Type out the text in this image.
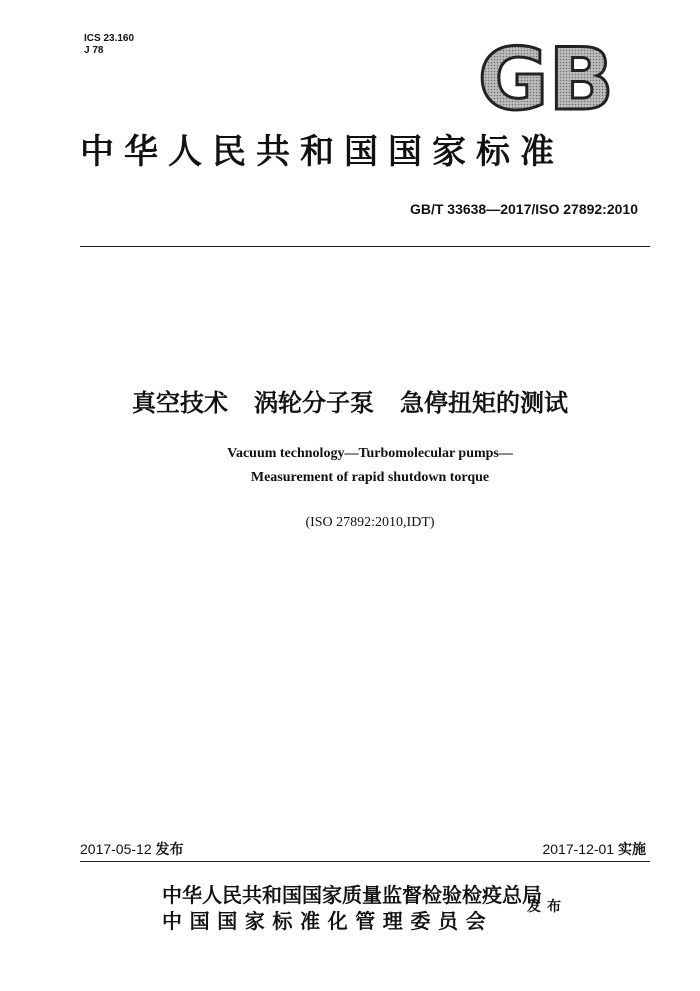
ICS 23.160
J 78	GB
中华人民共和国国家标准
GB/T 33638—2017/ISO 27892:2010
真空技术 涡轮分子泵 急停扭矩的测试
Vacuum technology—Turbomolecular pumps—
Measurement of rapid shutdown torque
(ISO 27892:2010,IDT)
2017-05-12 发布	2017-12-01 实施
中华人民共和国国家质量监督检验检疫总局
中国国家标准化管理委员会
发布
